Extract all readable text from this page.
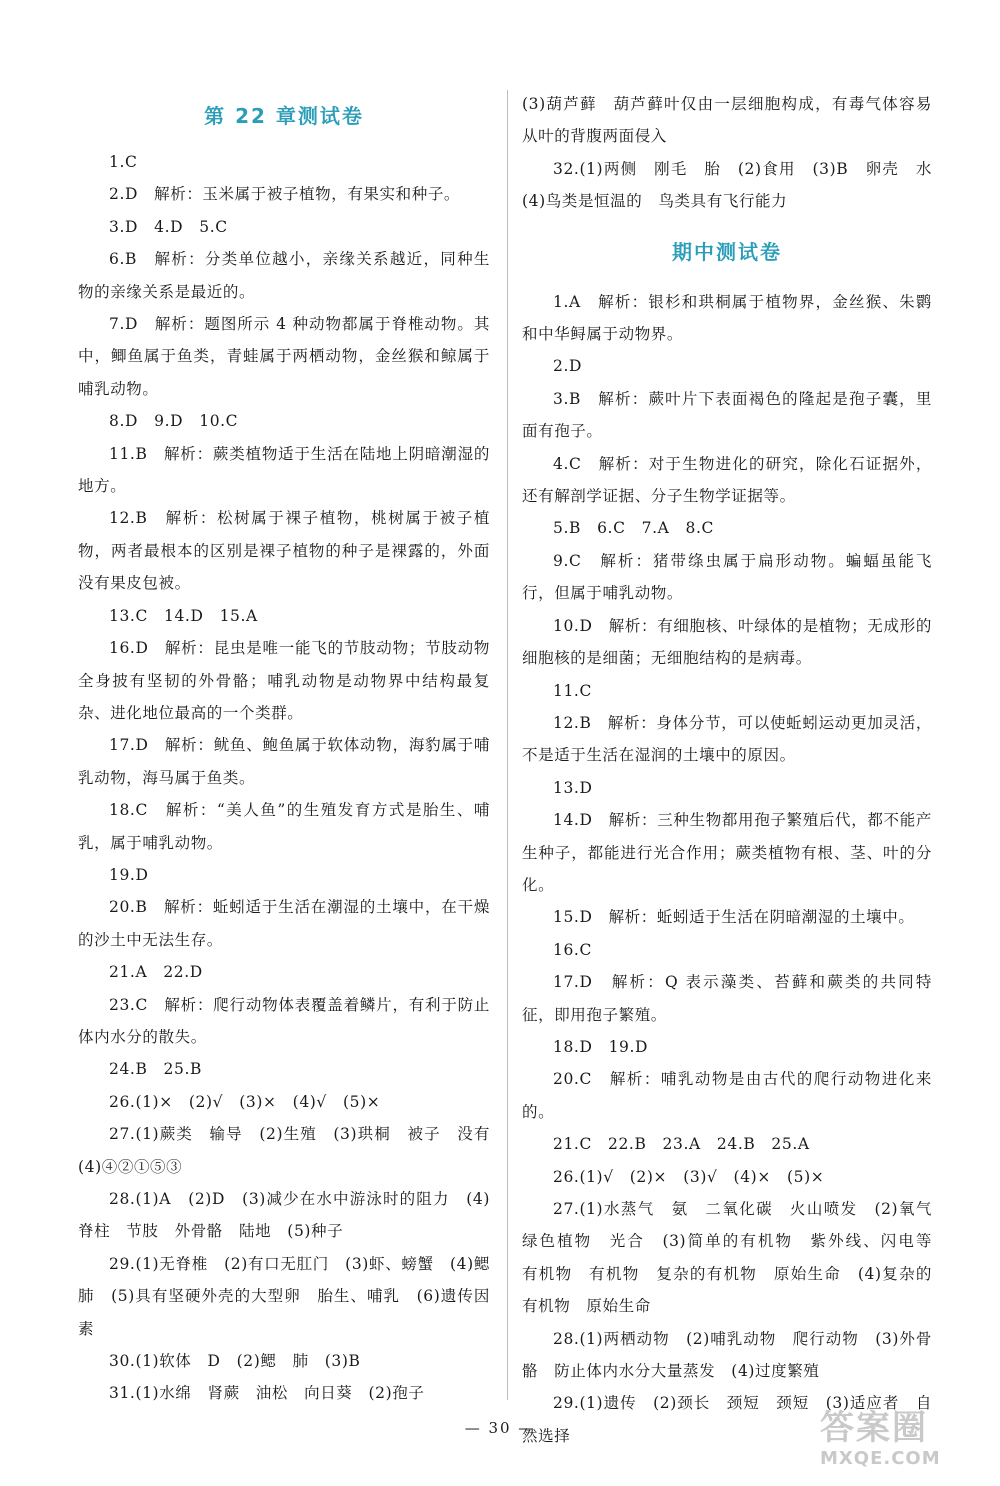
第 22 章测试卷
1.C
2.D　解析：玉米属于被子植物，有果实和种子。
3.D　4.D　5.C
6.B　解析：分类单位越小，亲缘关系越近，同种生物的亲缘关系是最近的。
7.D　解析：题图所示 4 种动物都属于脊椎动物。其中，鲫鱼属于鱼类，青蛙属于两栖动物，金丝猴和鲸属于哺乳动物。
8.D　9.D　10.C
11.B　解析：蕨类植物适于生活在陆地上阴暗潮湿的地方。
12.B　解析：松树属于裸子植物，桃树属于被子植物，两者最根本的区别是裸子植物的种子是裸露的，外面没有果皮包被。
13.C　14.D　15.A
16.D　解析：昆虫是唯一能飞的节肢动物；节肢动物全身披有坚韧的外骨骼；哺乳动物是动物界中结构最复杂、进化地位最高的一个类群。
17.D　解析：鱿鱼、鲍鱼属于软体动物，海豹属于哺乳动物，海马属于鱼类。
18.C　解析：“美人鱼”的生殖发育方式是胎生、哺乳，属于哺乳动物。
19.D
20.B　解析：蚯蚓适于生活在潮湿的土壤中，在干燥的沙土中无法生存。
21.A　22.D
23.C　解析：爬行动物体表覆盖着鳞片，有利于防止体内水分的散失。
24.B　25.B
26.(1)×　(2)√　(3)×　(4)√　(5)×
27.(1)蕨类　输导　(2)生殖　(3)珙桐　被子　没有　(4)④②①⑤③
28.(1)A　(2)D　(3)减少在水中游泳时的阻力　(4)脊柱　节肢　外骨骼　陆地　(5)种子
29.(1)无脊椎　(2)有口无肛门　(3)虾、螃蟹　(4)鳃　肺　(5)具有坚硬外壳的大型卵　胎生、哺乳　(6)遗传因素
30.(1)软体　D　(2)鳃　肺　(3)B
31.(1)水绵　肾蕨　油松　向日葵　(2)孢子
(3)葫芦藓　葫芦藓叶仅由一层细胞构成，有毒气体容易从叶的背腹两面侵入
32.(1)两侧　刚毛　胎　(2)食用　(3)B　卵壳　水　(4)鸟类是恒温的　鸟类具有飞行能力
期中测试卷
1.A　解析：银杉和珙桐属于植物界，金丝猴、朱鹮和中华鲟属于动物界。
2.D
3.B　解析：蕨叶片下表面褐色的隆起是孢子囊，里面有孢子。
4.C　解析：对于生物进化的研究，除化石证据外，还有解剖学证据、分子生物学证据等。
5.B　6.C　7.A　8.C
9.C　解析：猪带绦虫属于扁形动物。蝙蝠虽能飞行，但属于哺乳动物。
10.D　解析：有细胞核、叶绿体的是植物；无成形的细胞核的是细菌；无细胞结构的是病毒。
11.C
12.B　解析：身体分节，可以使蚯蚓运动更加灵活，不是适于生活在湿润的土壤中的原因。
13.D
14.D　解析：三种生物都用孢子繁殖后代，都不能产生种子，都能进行光合作用；蕨类植物有根、茎、叶的分化。
15.D　解析：蚯蚓适于生活在阴暗潮湿的土壤中。
16.C
17.D　解析：Q 表示藻类、苔藓和蕨类的共同特征，即用孢子繁殖。
18.D　19.D
20.C　解析：哺乳动物是由古代的爬行动物进化来的。
21.C　22.B　23.A　24.B　25.A
26.(1)√　(2)×　(3)√　(4)×　(5)×
27.(1)水蒸气　氨　二氧化碳　火山喷发　(2)氧气　绿色植物　光合　(3)简单的有机物　紫外线、闪电等　有机物　有机物　复杂的有机物　原始生命　(4)复杂的有机物　原始生命
28.(1)两栖动物　(2)哺乳动物　爬行动物　(3)外骨骼　防止体内水分大量蒸发　(4)过度繁殖
29.(1)遗传　(2)颈长　颈短　颈短　(3)适应者　自然选择
— 30 —	答案圈
MXQE.COM
